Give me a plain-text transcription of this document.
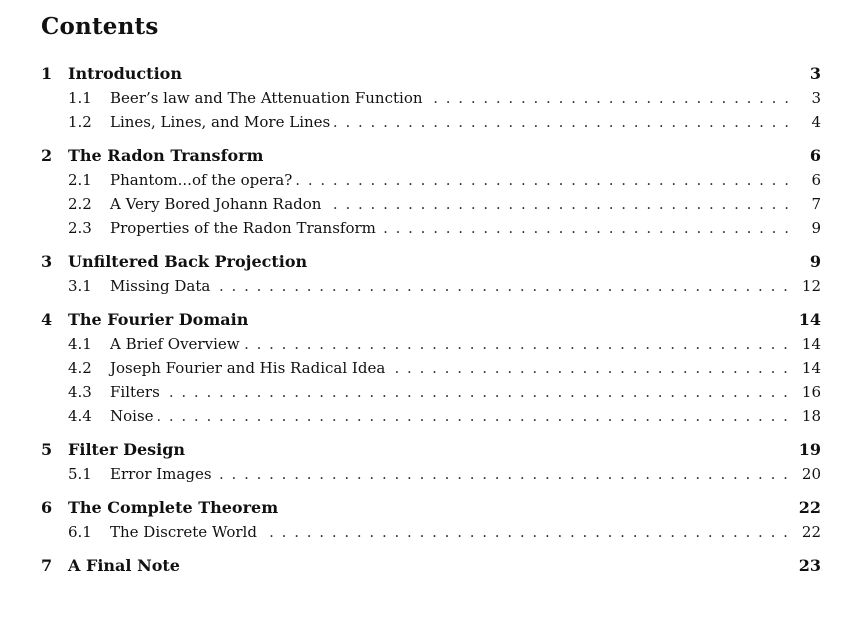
Contents
1 Introduction	3
1.1	Beer’s law and The Attenuation Function . . .	3
1.2	Lines, Lines, and More Lines . . .	4
2 The Radon Transform	6
2.1	Phantom...of the opera? . . .	6
2.2	A Very Bored Johann Radon . . .	7
2.3	Properties of the Radon Transform . . .	9
3 Unfiltered Back Projection	9
3.1	Missing Data . . .	12
4 The Fourier Domain	14
4.1	A Brief Overview . . .	14
4.2	Joseph Fourier and His Radical Idea . . .	14
4.3	Filters . . .	16
4.4	Noise . . .	18
5 Filter Design	19
5.1	Error Images . . .	20
6 The Complete Theorem	22
6.1	The Discrete World . . .	22
7 A Final Note	23
